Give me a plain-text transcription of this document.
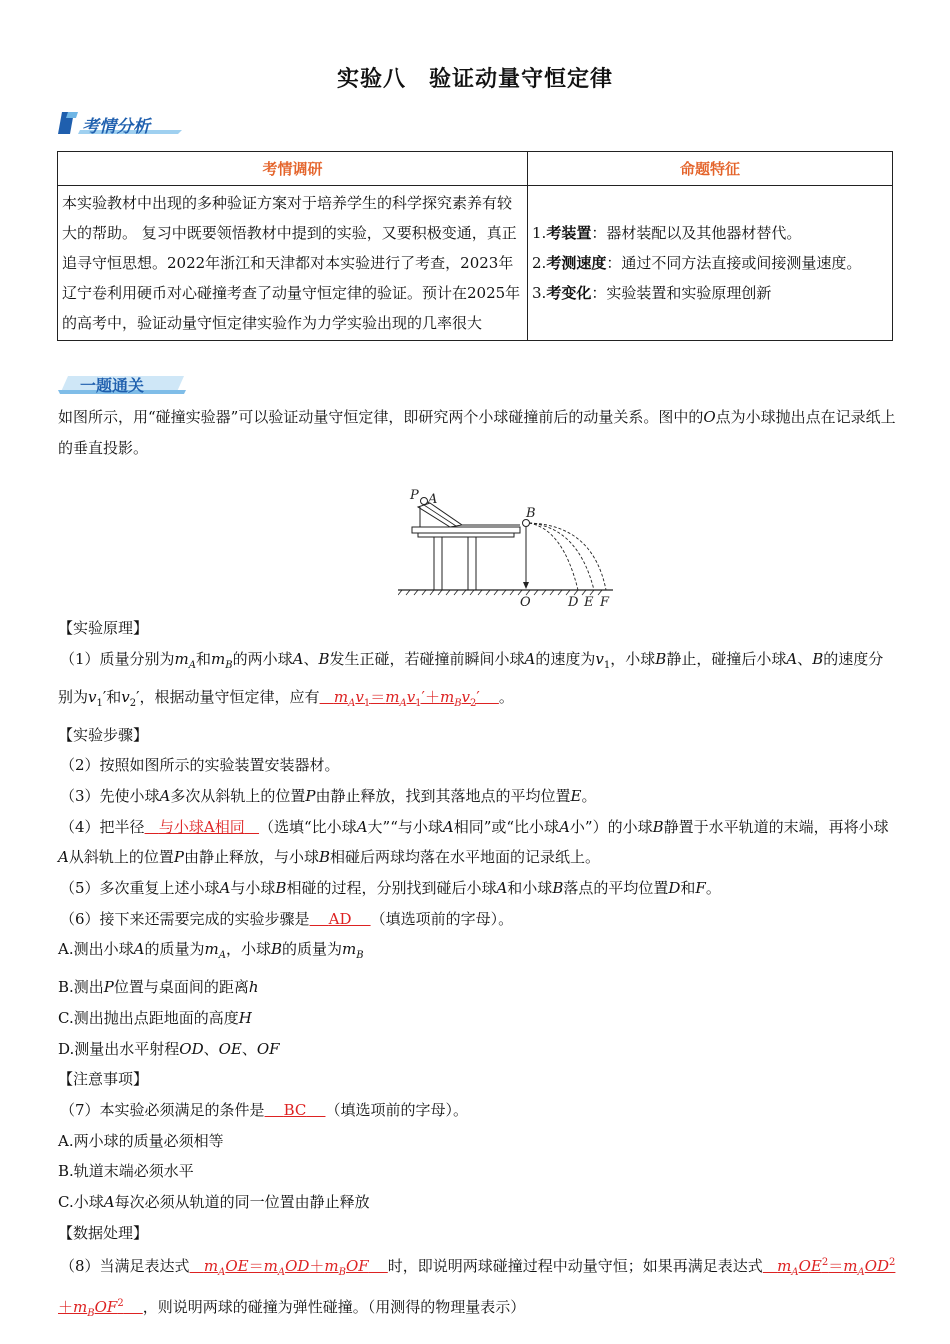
实验八　验证动量守恒定律
考情分析
考情调研	命题特征
本实验教材中出现的多种验证方案对于培养学生的科学探究素养有较大的帮助。 复习中既要领悟教材中提到的实验，又要积极变通，真正追寻守恒思想。2022年浙江和天津都对本实验进行了考查，2023年辽宁卷利用硬币对心碰撞考查了动量守恒定律的验证。预计在2025年的高考中，验证动量守恒定律实验作为力学实验出现的几率很大	1.考装置：器材装配以及其他器材替代。
2.考测速度：通过不同方法直接或间接测量速度。
3.考变化：实验装置和实验原理创新
一题通关

如图所示，用“碰撞实验器”可以验证动量守恒定律，即研究两个小球碰撞前后的动量关系。图中的O点为小球抛出点在记录纸上的垂直投影。

P A
B
O	D E F

【实验原理】

（1）质量分别为$m_A$和$m_B$的两小球A、B发生正碰，若碰撞前瞬间小球A的速度为$v_1$，小球B静止，碰撞后小球A、B的速度分别为$v_1'$和$v_2'$，根据动量守恒定律，应有 $m_Av_1=m_Av_1'+m_Bv_2'$    。

【实验步骤】

（2）按照如图所示的实验装置安装器材。

（3）先使小球A多次从斜轨上的位置P由静止释放，找到其落地点的平均位置E。

（4）把半径 与小球A相同 （选填“比小球A大”“与小球A相同”或“比小球A小”）的小球B静置于水平轨道的末端，再将小球A从斜轨上的位置P由静止释放，与小球B相碰后两球均落在水平地面的记录纸上。

（5）多次重复上述小球A与小球B相碰的过程，分别找到碰后小球A和小球B落点的平均位置D和F。

（6）接下来还需要完成的实验步骤是 AD （填选项前的字母）。

A.测出小球A的质量为$m_A$，小球B的质量为$m_B$

B.测出P位置与桌面间的距离h

C.测出抛出点距地面的高度H

D.测量出水平射程OD、OE、OF

【注意事项】

（7）本实验必须满足的条件是 BC （填选项前的字母）。

A.两小球的质量必须相等

B.轨道末端必须水平

C.小球A每次必须从轨道的同一位置由静止释放

【数据处理】

（8）当满足表达式 $m_AOE=m_AOD+m_BOF$ 时，即说明两球碰撞过程中动量守恒；如果再满足表达式 $m_AOE^2=m_AOD^2+m_BOF^2$ ，则说明两球的碰撞为弹性碰撞。（用测得的物理量表示）
